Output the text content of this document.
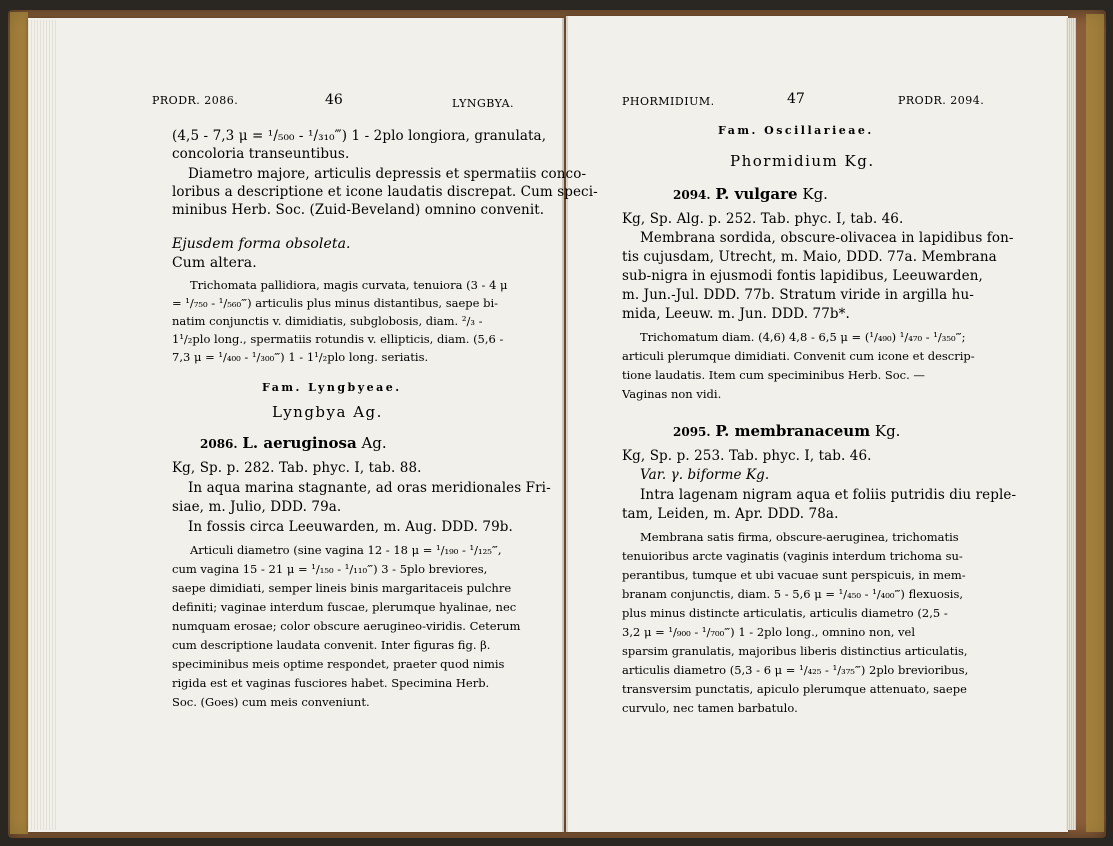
PRODR. 2086.	46	LYNGBYA.
(4,5 - 7,3 μ = ¹/₅₀₀ - ¹/₃₁₀‴) 1 - 2plo longiora, granulata,
concoloria transeuntibus.
Diametro majore, articulis depressis et spermatiis conco-
loribus a descriptione et icone laudatis discrepat. Cum speci-
minibus Herb. Soc. (Zuid-Beveland) omnino convenit.
Ejusdem forma obsoleta.
Cum altera.
Trichomata pallidiora, magis curvata, tenuiora (3 - 4 μ
= ¹/₇₅₀ - ¹/₅₆₀‴) articulis plus minus distantibus, saepe bi-
natim conjunctis v. dimidiatis, subglobosis, diam. ²/₃ -
1¹/₂plo long., spermatiis rotundis v. ellipticis, diam. (5,6 -
7,3 μ = ¹/₄₀₀ - ¹/₃₀₀‴) 1 - 1¹/₂plo long. seriatis.
Fam. Lyngbyeae.
Lyngbya Ag.
2086. L. aeruginosa Ag.
Kg, Sp. p. 282. Tab. phyc. I, tab. 88.
In aqua marina stagnante, ad oras meridionales Fri-
siae, m. Julio, DDD. 79a.
In fossis circa Leeuwarden, m. Aug. DDD. 79b.
Articuli diametro (sine vagina 12 - 18 μ = ¹/₁₉₀ - ¹/₁₂₅‴,
cum vagina 15 - 21 μ = ¹/₁₅₀ - ¹/₁₁₀‴) 3 - 5plo breviores,
saepe dimidiati, semper lineis binis margaritaceis pulchre
definiti; vaginae interdum fuscae, plerumque hyalinae, nec
numquam erosae; color obscure aerugineo-viridis. Ceterum
cum descriptione laudata convenit. Inter figuras fig. β.
speciminibus meis optime respondet, praeter quod nimis
rigida est et vaginas fusciores habet. Specimina Herb.
Soc. (Goes) cum meis conveniunt.
PHORMIDIUM.	47	PRODR. 2094.
Fam. Oscillarieae.
Phormidium Kg.
2094. P. vulgare Kg.
Kg, Sp. Alg. p. 252. Tab. phyc. I, tab. 46.
Membrana sordida, obscure-olivacea in lapidibus fon-
tis cujusdam, Utrecht, m. Maio, DDD. 77a. Membrana
sub-nigra in ejusmodi fontis lapidibus, Leeuwarden,
m. Jun.-Jul. DDD. 77b. Stratum viride in argilla hu-
mida, Leeuw. m. Jun. DDD. 77b*.
Trichomatum diam. (4,6) 4,8 - 6,5 μ = (¹/₄₉₀) ¹/₄₇₀ - ¹/₃₅₀‴;
articuli plerumque dimidiati. Convenit cum icone et descrip-
tione laudatis. Item cum speciminibus Herb. Soc. —
Vaginas non vidi.
2095. P. membranaceum Kg.
Kg, Sp. p. 253. Tab. phyc. I, tab. 46.
Var. γ. biforme Kg.
Intra lagenam nigram aqua et foliis putridis diu reple-
tam, Leiden, m. Apr. DDD. 78a.
Membrana satis firma, obscure-aeruginea, trichomatis
tenuioribus arcte vaginatis (vaginis interdum trichoma su-
perantibus, tumque et ubi vacuae sunt perspicuis, in mem-
branam conjunctis, diam. 5 - 5,6 μ = ¹/₄₅₀ - ¹/₄₀₀‴) flexuosis,
plus minus distincte articulatis, articulis diametro (2,5 -
3,2 μ = ¹/₉₀₀ - ¹/₇₀₀‴) 1 - 2plo long., omnino non, vel
sparsim granulatis, majoribus liberis distinctius articulatis,
articulis diametro (5,3 - 6 μ = ¹/₄₂₅ - ¹/₃₇₅‴) 2plo brevioribus,
transversim punctatis, apiculo plerumque attenuato, saepe
curvulo, nec tamen barbatulo.
